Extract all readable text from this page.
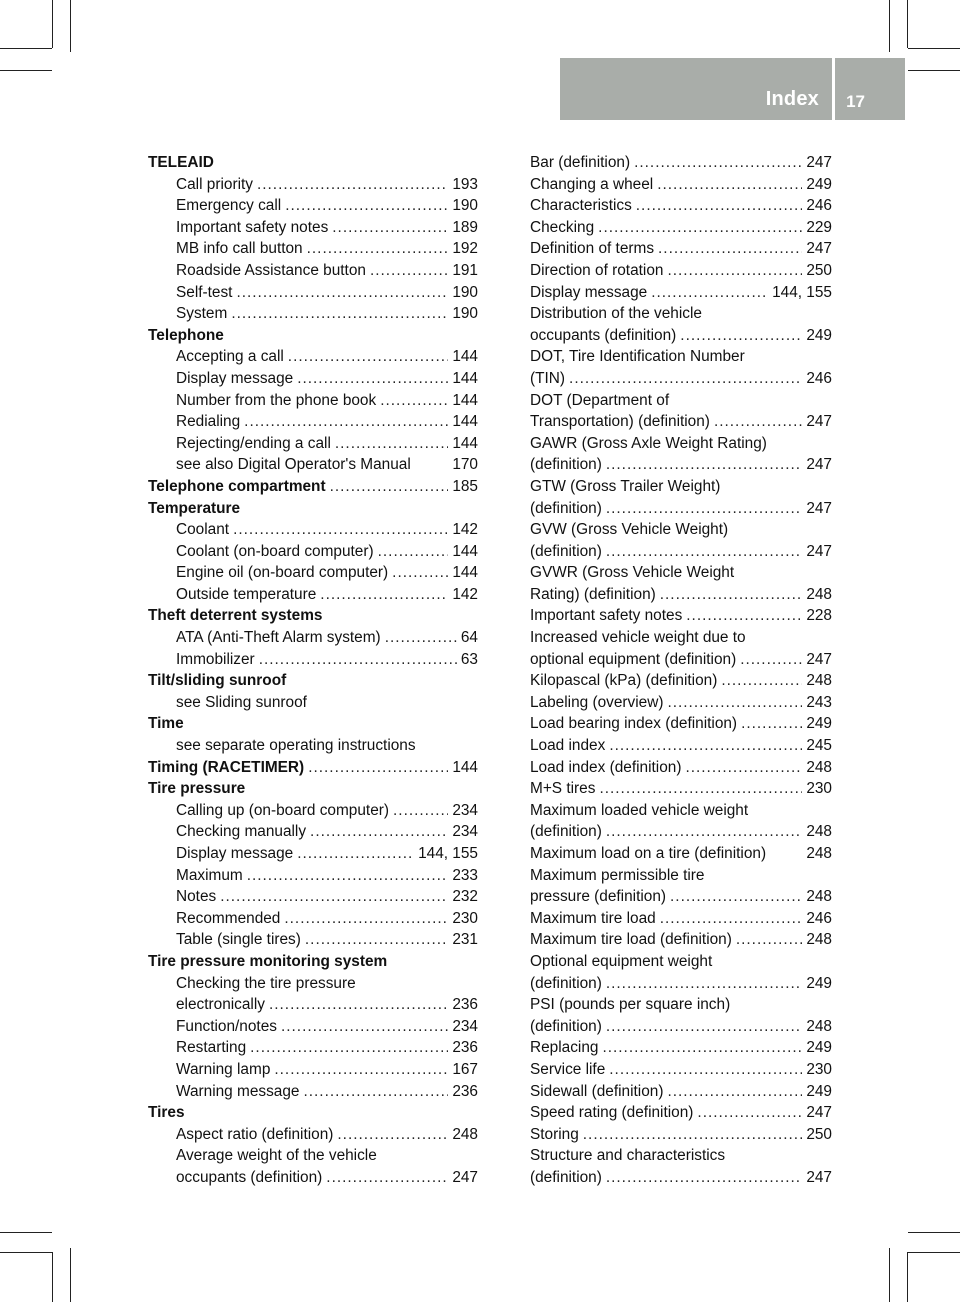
Index 17
TELEAID
Call priority .....	193
Emergency call .....	190
Important safety notes .....	189
MB info call button .....	192
Roadside Assistance button .....	191
Self-test .....	190
System .....	190
Telephone
Accepting a call .....	144
Display message .....	144
Number from the phone book .....	144
Redialing .....	144
Rejecting/ending a call .....	144
see also Digital Operator's Manual	170
Telephone compartment .....	185
Temperature
Coolant .....	142
Coolant (on-board computer) .....	144
Engine oil (on-board computer) .....	144
Outside temperature .....	142
Theft deterrent systems
ATA (Anti-Theft Alarm system) .....	64
Immobilizer .....	63
Tilt/sliding sunroof
see Sliding sunroof
Time
see separate operating instructions
Timing (RACETIMER) .....	144
Tire pressure
Calling up (on-board computer) .....	234
Checking manually .....	234
Display message .....	144, 155
Maximum .....	233
Notes .....	232
Recommended .....	230
Table (single tires) .....	231
Tire pressure monitoring system
Checking the tire pressure
electronically .....	236
Function/notes .....	234
Restarting .....	236
Warning lamp .....	167
Warning message .....	236
Tires
Aspect ratio (definition) .....	248
Average weight of the vehicle
occupants (definition) .....	247
Bar (definition) .....	247
Changing a wheel .....	249
Characteristics .....	246
Checking .....	229
Definition of terms .....	247
Direction of rotation .....	250
Display message .....	144, 155
Distribution of the vehicle
occupants (definition) .....	249
DOT, Tire Identification Number
(TIN) .....	246
DOT (Department of
Transportation) (definition) .....	247
GAWR (Gross Axle Weight Rating)
(definition) .....	247
GTW (Gross Trailer Weight)
(definition) .....	247
GVW (Gross Vehicle Weight)
(definition) .....	247
GVWR (Gross Vehicle Weight
Rating) (definition) .....	248
Important safety notes .....	228
Increased vehicle weight due to
optional equipment (definition) .....	247
Kilopascal (kPa) (definition) .....	248
Labeling (overview) .....	243
Load bearing index (definition) .....	249
Load index .....	245
Load index (definition) .....	248
M+S tires .....	230
Maximum loaded vehicle weight
(definition) .....	248
Maximum load on a tire (definition)	248
Maximum permissible tire
pressure (definition) .....	248
Maximum tire load .....	246
Maximum tire load (definition) .....	248
Optional equipment weight
(definition) .....	249
PSI (pounds per square inch)
(definition) .....	248
Replacing .....	249
Service life .....	230
Sidewall (definition) .....	249
Speed rating (definition) .....	247
Storing .....	250
Structure and characteristics
(definition) .....	247
